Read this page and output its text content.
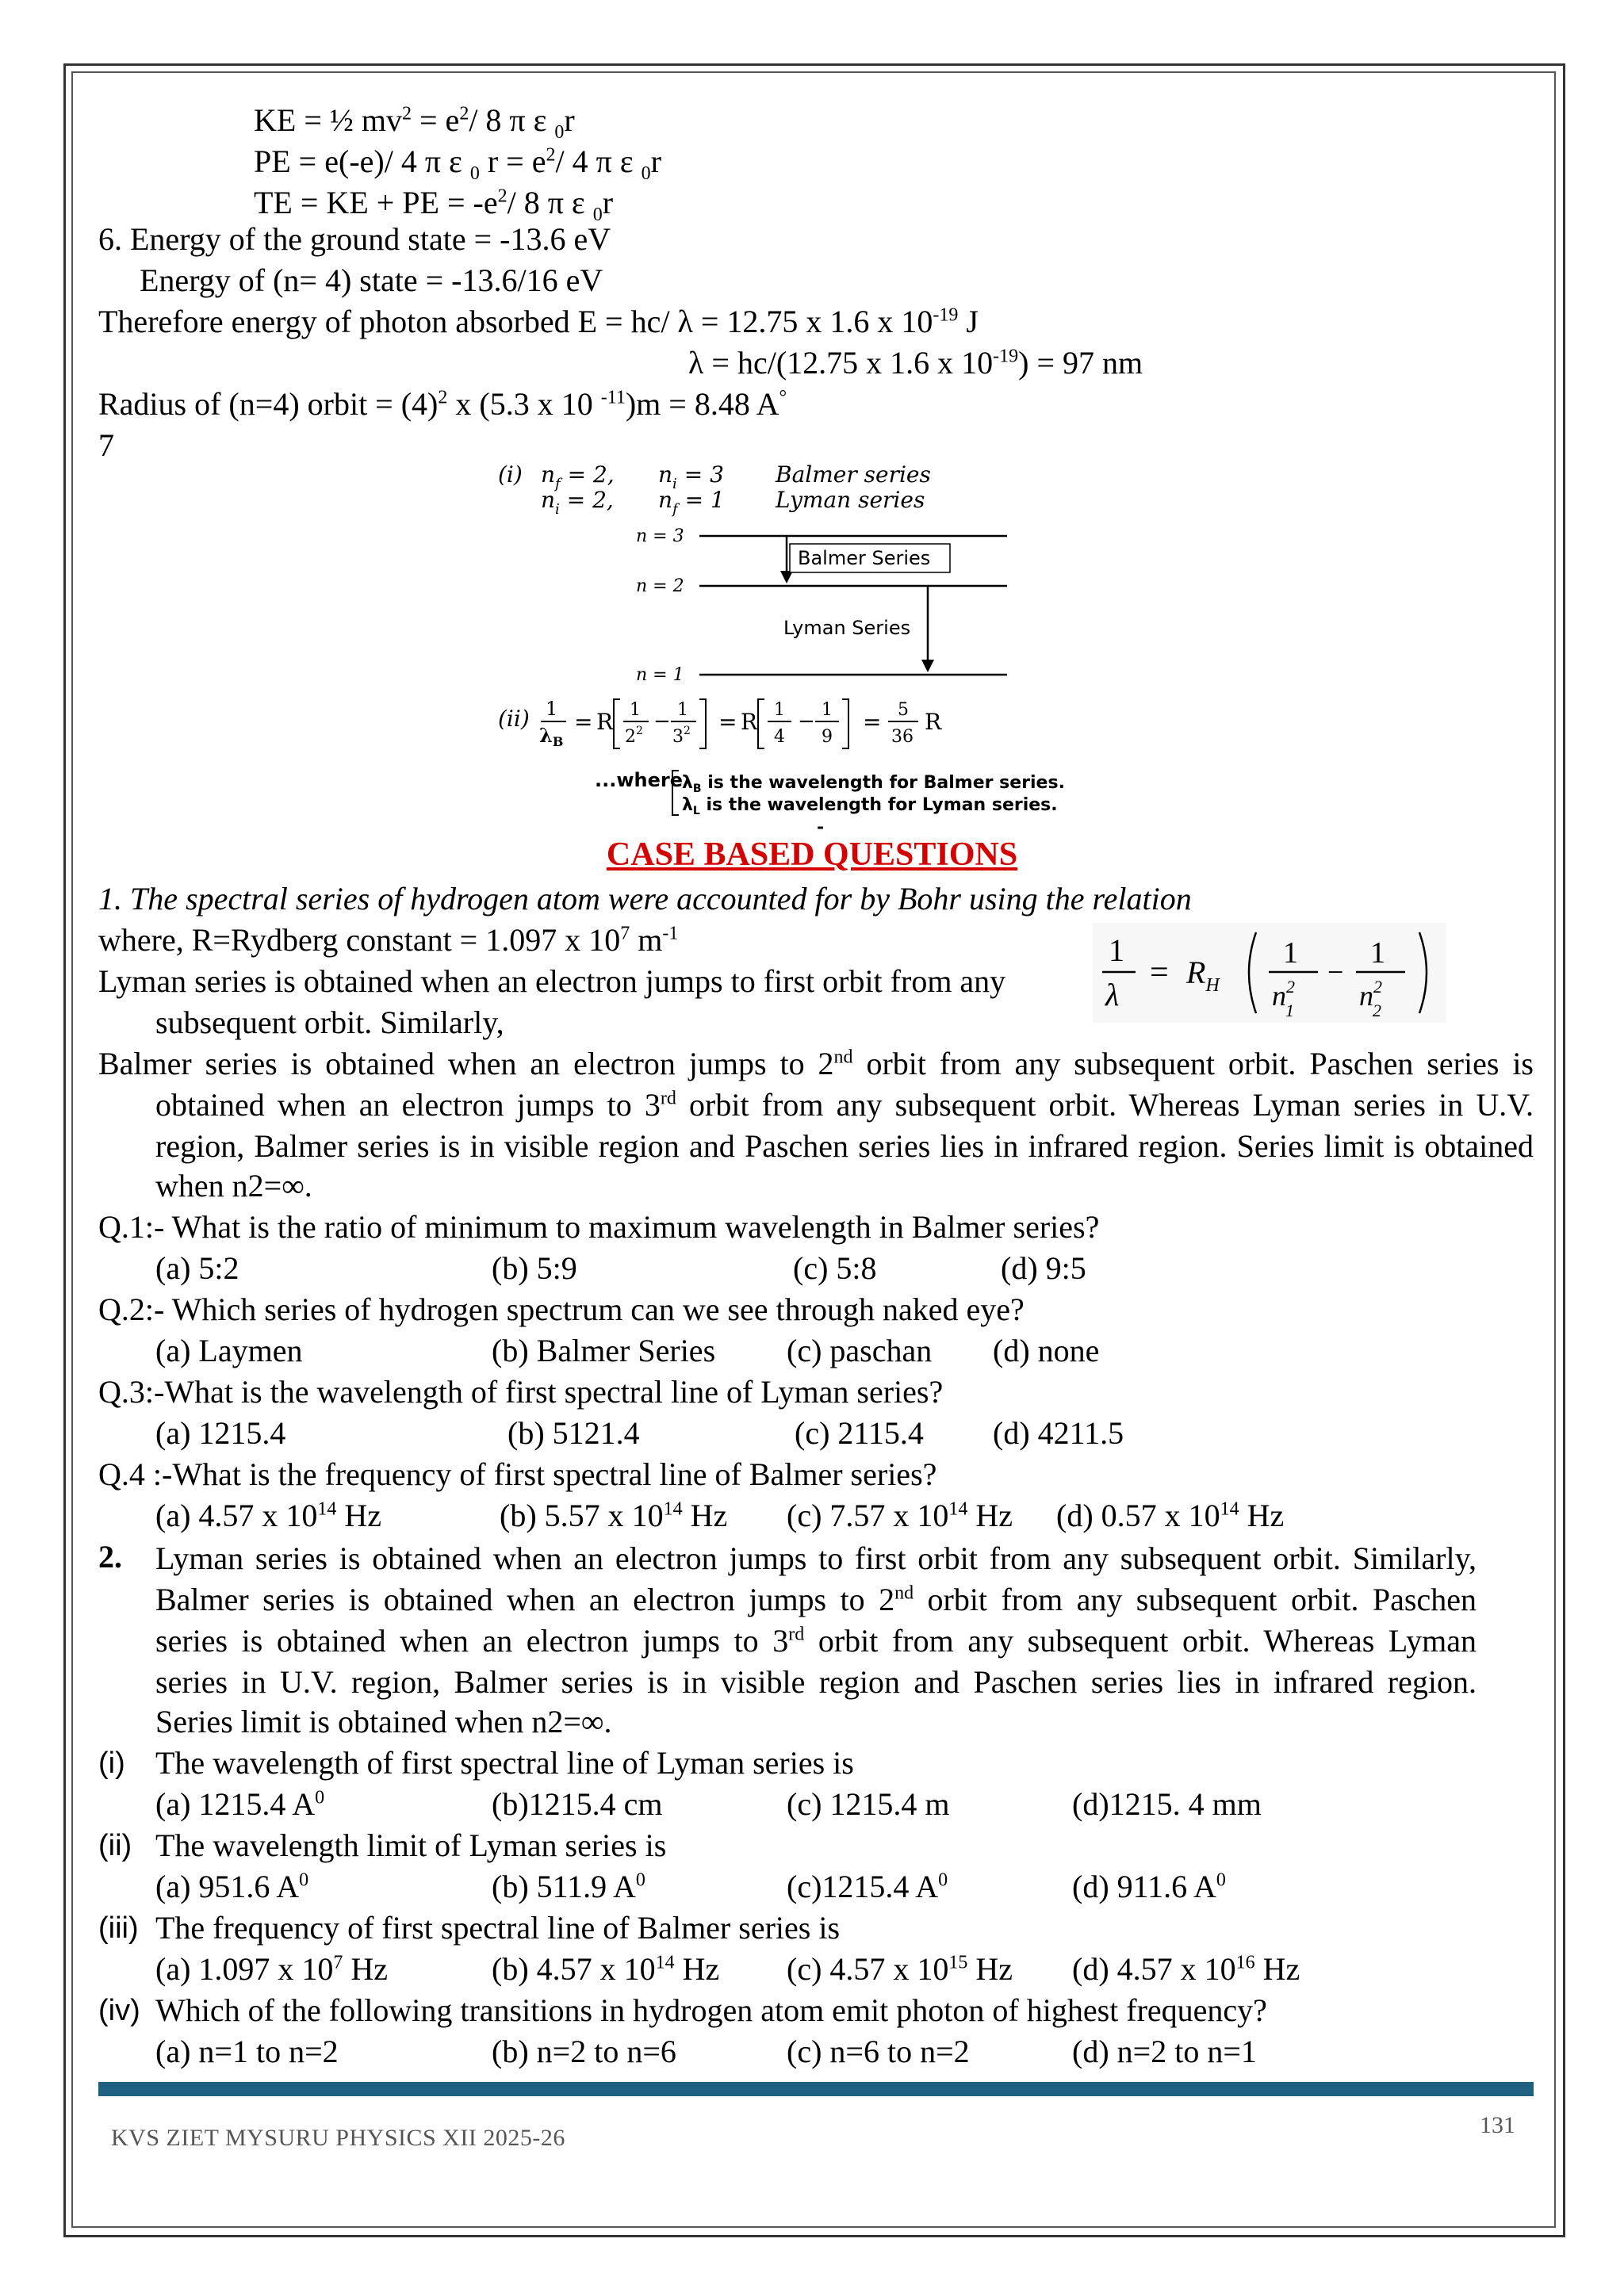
KE = ½ $mv^2 = e^2/$ 8 π ε $_0$r
PE = e(-e)/ 4 π ε $_0$ $r = e^2/$ 4 π ε $_0$r
TE = KE + PE = $-e^2/$ 8 π ε $_0$r
6. Energy of the ground state = -13.6 eV
Energy of (n= 4) state = -13.6/16 eV
Therefore energy of photon absorbed E = hc/ λ = 12.75 x 1.6 x $10^{-19}$ J
λ = hc/(12.75 x 1.6 x $10^{-19}) = 97$ nm
Radius of (n=4) orbit = $(4)^2$ x (5.3 x 10 $^{-11}$)m = 8.48 A°
7
(i) $n_f = 2$, $n_i = 3$ Balmer series
$n_i = 2$, $n_f = 1$ Lyman series
n = 3
n = 2
n = 1
Balmer Series
Lyman Series
(ii) 1
$\lambda_B$
= R 1
$2^2 - 1$
$3^2 = R$ 1
4
− 1
9
= 5
36
R
...where $\lambda_B$ is the wavelength for Balmer series.
$\lambda_L$ is the wavelength for Lyman series.
-
CASE BASED QUESTIONS
1. The spectral series of hydrogen atom were accounted for by Bohr using the relation
where, R=Rydberg constant = 1.097 x $10^7$ $m^{-1}$	1
λ
= $R_H$
1
$n^2$ 1
−
1
$n^2$ 2
Lyman series is obtained when an electron jumps to first orbit from any
subsequent orbit. Similarly,
Balmer series is obtained when an electron jumps to 2nd orbit from any subsequent orbit. Paschen series is
obtained when an electron jumps to 3rd orbit from any subsequent orbit. Whereas Lyman series in U.V.
region, Balmer series is in visible region and Paschen series lies in infrared region. Series limit is obtained
when n2=∞.
Q.1:- What is the ratio of minimum to maximum wavelength in Balmer series?
(a) 5:2	(b) 5:9	(c) 5:8	(d) 9:5
Q.2:- Which series of hydrogen spectrum can we see through naked eye?
(a) Laymen	(b) Balmer Series (c) paschan (d) none
Q.3:-What is the wavelength of first spectral line of Lyman series?
(a) 1215.4	(b) 5121.4	(c) 2115.4 (d) 4211.5
Q.4 :-What is the frequency of first spectral line of Balmer series?
(a) 4.57 x $10^{14}$ Hz	(b) 5.57 x $10^{14}$ Hz (c) 7.57 x $10^{14}$ Hz (d) 0.57 x $10^{14}$ Hz
2. Lyman series is obtained when an electron jumps to first orbit from any subsequent orbit. Similarly,
Balmer series is obtained when an electron jumps to 2nd orbit from any subsequent orbit. Paschen
series is obtained when an electron jumps to 3rd orbit from any subsequent orbit. Whereas Lyman
series in U.V. region, Balmer series is in visible region and Paschen series lies in infrared region.
Series limit is obtained when n2=∞.
(i) The wavelength of first spectral line of Lyman series is
(a) 1215.4 $A^0$	(b)1215.4 cm	(c) 1215.4 m	(d)1215. 4 mm
(ii) The wavelength limit of Lyman series is
(a) 951.6 $A^0$	(b) 511.9 $A^0$	(c)1215.4 $A^0$	(d) 911.6 $A^0$
(iii) The frequency of first spectral line of Balmer series is
(a) 1.097 x $10^7$ Hz	(b) 4.57 x $10^{14}$ Hz (c) 4.57 x $10^{15}$ Hz (d) 4.57 x $10^{16}$ Hz
(iv) Which of the following transitions in hydrogen atom emit photon of highest frequency?
(a) n=1 to n=2	(b) n=2 to n=6	(c) n=6 to n=2	(d) n=2 to n=1
KVS ZIET MYSURU PHYSICS XII 2025-26	131
